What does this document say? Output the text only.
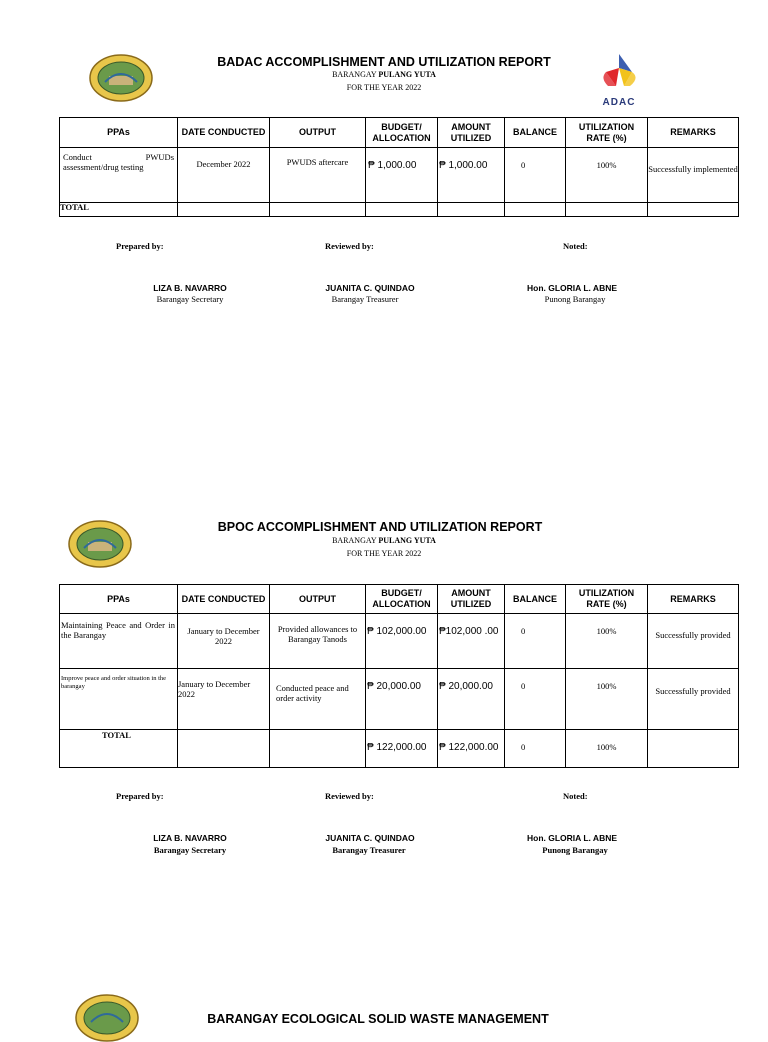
BADAC ACCOMPLISHMENT AND UTILIZATION REPORT
BARANGAY PULANG YUTA
FOR THE YEAR 2022
ADAC
PPAs	DATE CONDUCTED	OUTPUT	BUDGET/ ALLOCATION	AMOUNT UTILIZED	BALANCE	UTILIZATION RATE (%)	REMARKS
Conduct PWUDs assessment/drug testing	December 2022	PWUDS aftercare	₱ 1,000.00	₱ 1,000.00	0	100%	Successfully implemented
TOTAL							
Prepared by:	Reviewed by:	Noted:
LIZA B. NAVARRO
Barangay Secretary
JUANITA C. QUINDAO
Barangay Treasurer
Hon. GLORIA L. ABNE
Punong Barangay
BPOC ACCOMPLISHMENT AND UTILIZATION REPORT
BARANGAY PULANG YUTA
FOR THE YEAR 2022
PPAs	DATE CONDUCTED	OUTPUT	BUDGET/ ALLOCATION	AMOUNT UTILIZED	BALANCE	UTILIZATION RATE (%)	REMARKS
Maintaining Peace and Order in the Barangay	January to December 2022	Provided allowances to Barangay Tanods	₱ 102,000.00	₱102,000 .00	0	100%	Successfully provided
Improve peace and order situation in the barangay	January to December 2022	Conducted peace and order activity	₱ 20,000.00	₱ 20,000.00	0	100%	Successfully provided
TOTAL			₱ 122,000.00	₱ 122,000.00	0	100%	
Prepared by:	Reviewed by:	Noted:
LIZA B. NAVARRO
Barangay Secretary
JUANITA C. QUINDAO
Barangay Treasurer
Hon. GLORIA L. ABNE
Punong Barangay
BARANGAY ECOLOGICAL SOLID WASTE MANAGEMENT
